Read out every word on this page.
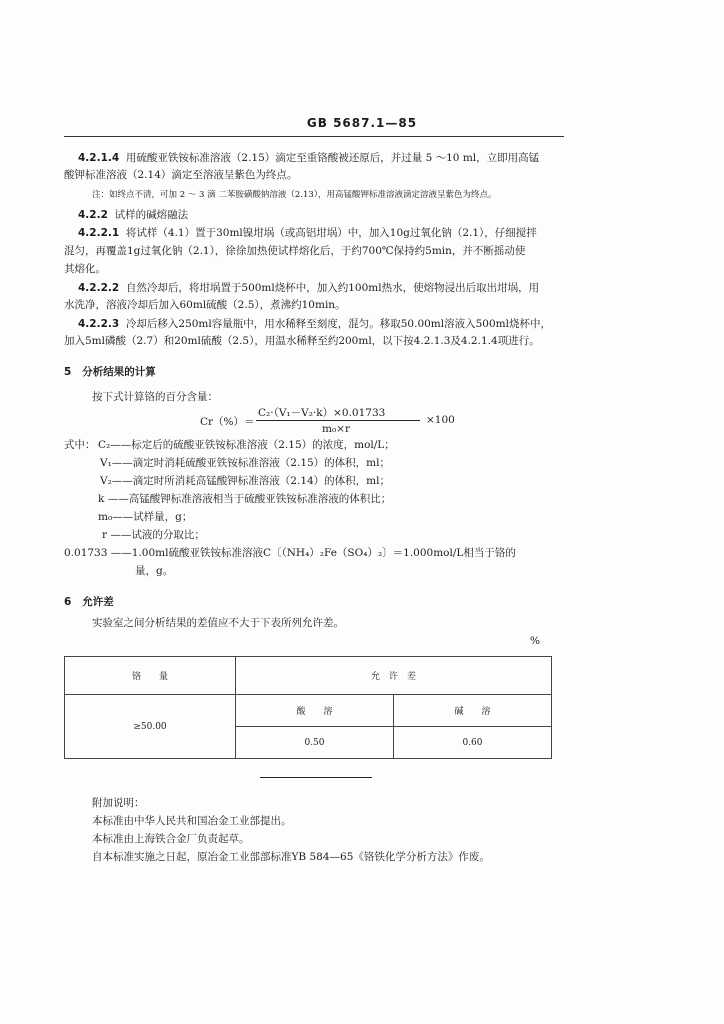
GB 5687.1—85
4.2.1.4 用硫酸亚铁铵标准溶液（2.15）滴定至重铬酸被还原后，并过量 5 ～10 ml，立即用高锰
酸钾标准溶液（2.14）滴定至溶液呈紫色为终点。
注：如终点不清，可加 2 ～ 3 滴 二苯胺磺酸钠溶液（2.13），用高锰酸钾标准溶液滴定溶液呈紫色为终点。
4.2.2 试样的碱熔融法
4.2.2.1 将试样（4.1）置于30ml镍坩埚（或高铝坩埚）中，加入10g过氧化钠（2.1），仔细搅拌
混匀，再覆盖1g过氧化钠（2.1），徐徐加热使试样熔化后，于约700℃保持约5min，并不断摇动使
其熔化。
4.2.2.2 自然冷却后，将坩埚置于500ml烧杯中，加入约100ml热水，使熔物浸出后取出坩埚，用
水洗净，溶液冷却后加入60ml硫酸（2.5），煮沸约10min。
4.2.2.3 冷却后移入250ml容量瓶中，用水稀释至刻度，混匀。移取50.00ml溶液入500ml烧杯中，
加入5ml磷酸（2.7）和20ml硫酸（2.5），用温水稀释至约200ml，以下按4.2.1.3及4.2.1.4项进行。
5 分析结果的计算
按下式计算铬的百分含量：
Cr（%）＝
C₂·（V₁－V₂·k）×0.01733
m₀×r
×100
式中： C₂——标定后的硫酸亚铁铵标准溶液（2.15）的浓度，mol/L；
V₁——滴定时消耗硫酸亚铁铵标准溶液（2.15）的体积，ml；
V₂——滴定时所消耗高锰酸钾标准溶液（2.14）的体积，ml；
k ——高锰酸钾标准溶液相当于硫酸亚铁铵标准溶液的体积比；
m₀——试样量，g；
r ——试液的分取比；
0.01733 ——1.00ml硫酸亚铁铵标准溶液C〔（NH₄）₂Fe（SO₄）₂〕＝1.000mol/L相当于铬的
量，g。
6 允许差
实验室之间分析结果的差值应不大于下表所列允许差。
%
铬　　量	允　许　差	
≥50.00	酸　　溶	碱　　溶
	0.50	0.60
附加说明：
本标准由中华人民共和国冶金工业部提出。
本标准由上海铁合金厂负责起草。
自本标准实施之日起，原冶金工业部部标准YB 584—65《铬铁化学分析方法》作废。
